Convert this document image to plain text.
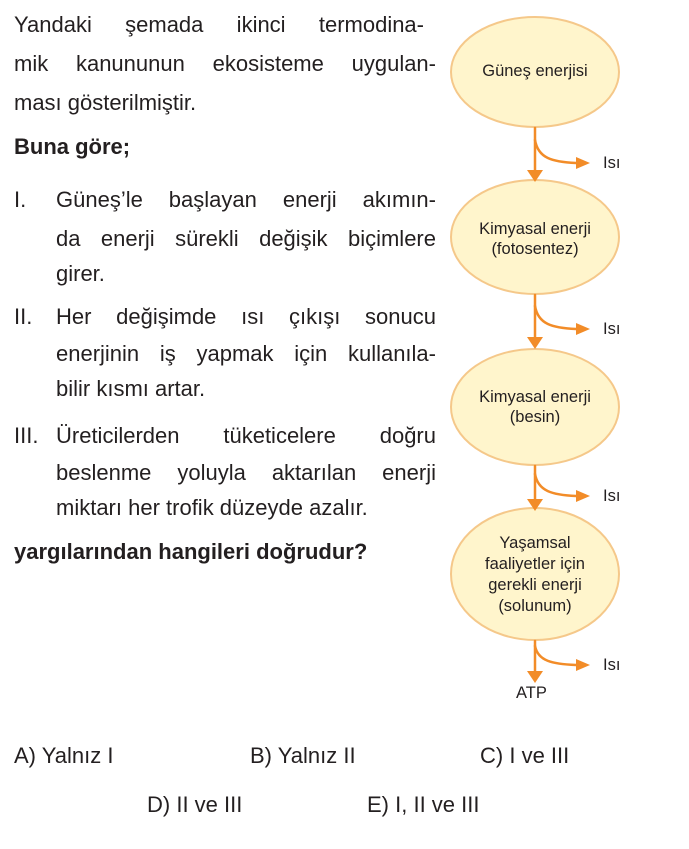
Yandaki şemada ikinci termodina-
mik kanununun ekosisteme uygulan-
ması gösterilmiştir.
Buna göre;
I. Güneş’le başlayan enerji akımın-
da enerji sürekli değişik biçimlere
girer.
II. Her değişimde ısı çıkışı sonucu
enerjinin iş yapmak için kullanıla-
bilir kısmı artar.
III. Üreticilerden tüketicelere doğru
beslenme yoluyla aktarılan enerji
miktarı her trofik düzeyde azalır.
yargılarından hangileri doğrudur?
Güneş enerjisi
Kimyasal enerji
(fotosentez)
Kimyasal enerji
(besin)
Yaşamsal
faaliyetler için
gerekli enerji
(solunum)
Isı
Isı
Isı
Isı
ATP
A) Yalnız I	B) Yalnız II	C) I ve III
D) II ve III	E) I, II ve III
